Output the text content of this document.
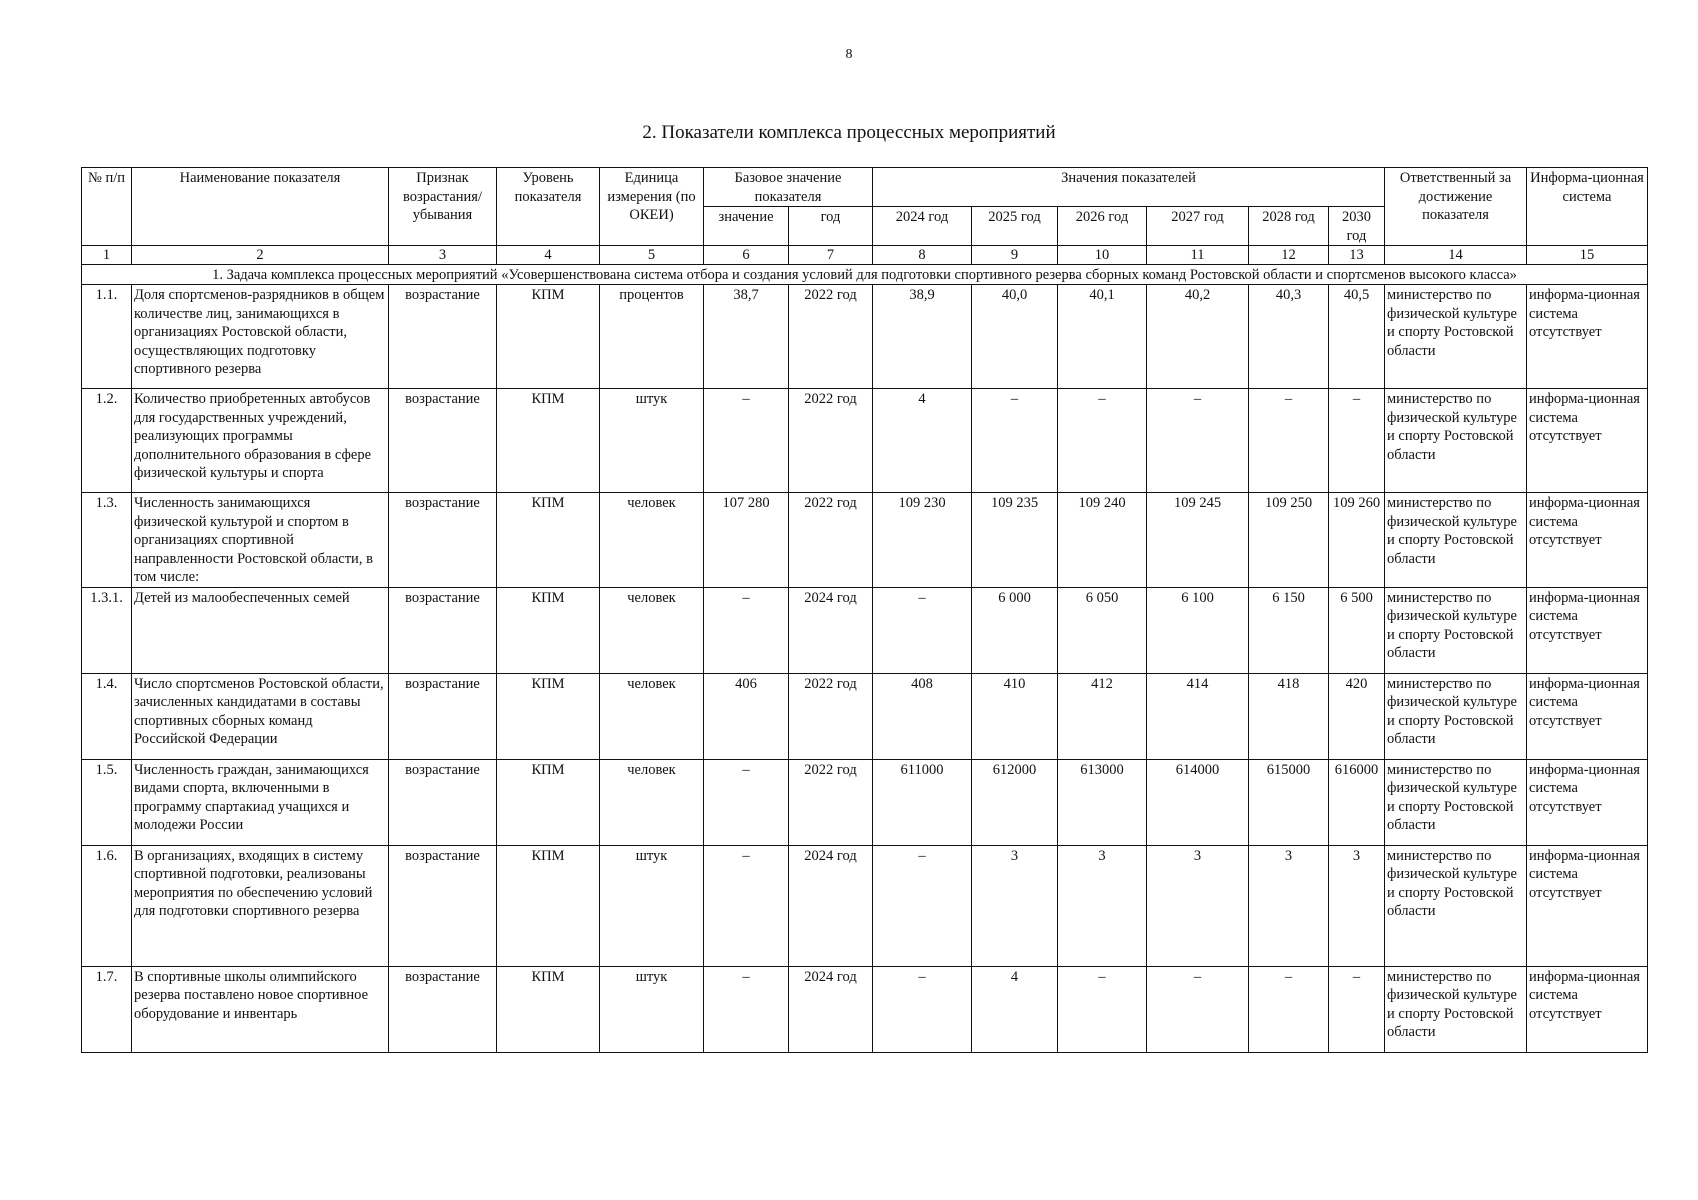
8
2. Показатели комплекса процессных мероприятий
№ п/п	Наименование показателя	Признак возрастания/ убывания	Уровень показателя	Единица измерения (по ОКЕИ)	Базовое значение показателя		Значения показателей						Ответственный за достижение показателя	Информа-ционная система
					значение	год	2024 год	2025 год	2026 год	2027 год	2028 год	2030 год		
1	2	3	4	5	6	7	8	9	10	11	12	13	14	15
1. Задача комплекса процессных мероприятий «Усовершенствована система отбора и создания условий для подготовки спортивного резерва сборных команд Ростовской области и спортсменов высокого класса»														
1.1.	Доля спортсменов-разрядников в общем количестве лиц, занимающихся в организациях Ростовской области, осуществляющих подготовку спортивного резерва	возрастание	КПМ	процентов	38,7	2022 год	38,9	40,0	40,1	40,2	40,3	40,5	министерство по физической культуре и спорту Ростовской области	информа-ционная система отсутствует
1.2.	Количество приобретенных автобусов для государственных учреждений, реализующих программы дополнительного образования в сфере физической культуры и спорта	возрастание	КПМ	штук	–	2022 год	4	–	–	–	–	–	министерство по физической культуре и спорту Ростовской области	информа-ционная система отсутствует
1.3.	Численность занимающихся физической культурой и спортом в организациях спортивной направленности Ростовской области, в том числе:	возрастание	КПМ	человек	107 280	2022 год	109 230	109 235	109 240	109 245	109 250	109 260	министерство по физической культуре и спорту Ростовской области	информа-ционная система отсутствует
1.3.1.	Детей из малообеспеченных семей	возрастание	КПМ	человек	–	2024 год	–	6 000	6 050	6 100	6 150	6 500	министерство по физической культуре и спорту Ростовской области	информа-ционная система отсутствует
1.4.	Число спортсменов Ростовской области, зачисленных кандидатами в составы спортивных сборных команд Российской Федерации	возрастание	КПМ	человек	406	2022 год	408	410	412	414	418	420	министерство по физической культуре и спорту Ростовской области	информа-ционная система отсутствует
1.5.	Численность граждан, занимающихся видами спорта, включенными в программу спартакиад учащихся и молодежи России	возрастание	КПМ	человек	–	2022 год	611000	612000	613000	614000	615000	616000	министерство по физической культуре и спорту Ростовской области	информа-ционная система отсутствует
1.6.	В организациях, входящих в систему спортивной подготовки, реализованы мероприятия по обеспечению условий для подготовки спортивного резерва	возрастание	КПМ	штук	–	2024 год	–	3	3	3	3	3	министерство по физической культуре и спорту Ростовской области	информа-ционная система отсутствует
1.7.	В спортивные школы олимпийского резерва поставлено новое спортивное оборудование и инвентарь	возрастание	КПМ	штук	–	2024 год	–	4	–	–	–	–	министерство по физической культуре и спорту Ростовской области	информа-ционная система отсутствует
